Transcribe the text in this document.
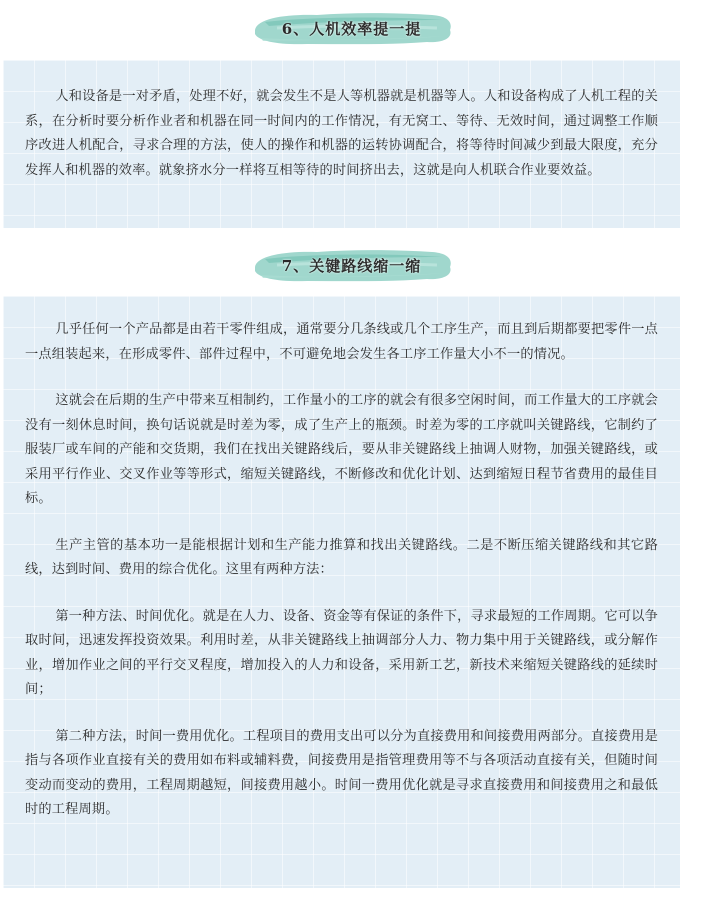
6、人机效率提一提

人和设备是一对矛盾，处理不好，就会发生不是人等机器就是机器等人。人和设备构成了人机工程的关系，在分析时要分析作业者和机器在同一时间内的工作情况，有无窝工、等待、无效时间，通过调整工作顺序改进人机配合，寻求合理的方法，使人的操作和机器的运转协调配合，将等待时间减少到最大限度，充分发挥人和机器的效率。就象挤水分一样将互相等待的时间挤出去，这就是向人机联合作业要效益。

7、关键路线缩一缩

几乎任何一个产品都是由若干零件组成，通常要分几条线或几个工序生产，而且到后期都要把零件一点一点组装起来，在形成零件、部件过程中，不可避免地会发生各工序工作量大小不一的情况。

这就会在后期的生产中带来互相制约，工作量小的工序的就会有很多空闲时间，而工作量大的工序就会没有一刻休息时间，换句话说就是时差为零，成了生产上的瓶颈。时差为零的工序就叫关键路线，它制约了服装厂或车间的产能和交货期，我们在找出关键路线后，要从非关键路线上抽调人财物，加强关键路线，或采用平行作业、交叉作业等等形式，缩短关键路线，不断修改和优化计划、达到缩短日程节省费用的最佳目标。

生产主管的基本功一是能根据计划和生产能力推算和找出关键路线。二是不断压缩关键路线和其它路线，达到时间、费用的综合优化。这里有两种方法：

第一种方法、时间优化。就是在人力、设备、资金等有保证的条件下，寻求最短的工作周期。它可以争取时间，迅速发挥投资效果。利用时差，从非关键路线上抽调部分人力、物力集中用于关键路线，或分解作业，增加作业之间的平行交叉程度，增加投入的人力和设备，采用新工艺，新技术来缩短关键路线的延续时间；

第二种方法，时间一费用优化。工程项目的费用支出可以分为直接费用和间接费用两部分。直接费用是指与各项作业直接有关的费用如布料或辅料费，间接费用是指管理费用等不与各项活动直接有关，但随时间变动而变动的费用，工程周期越短，间接费用越小。时间一费用优化就是寻求直接费用和间接费用之和最低时的工程周期。
